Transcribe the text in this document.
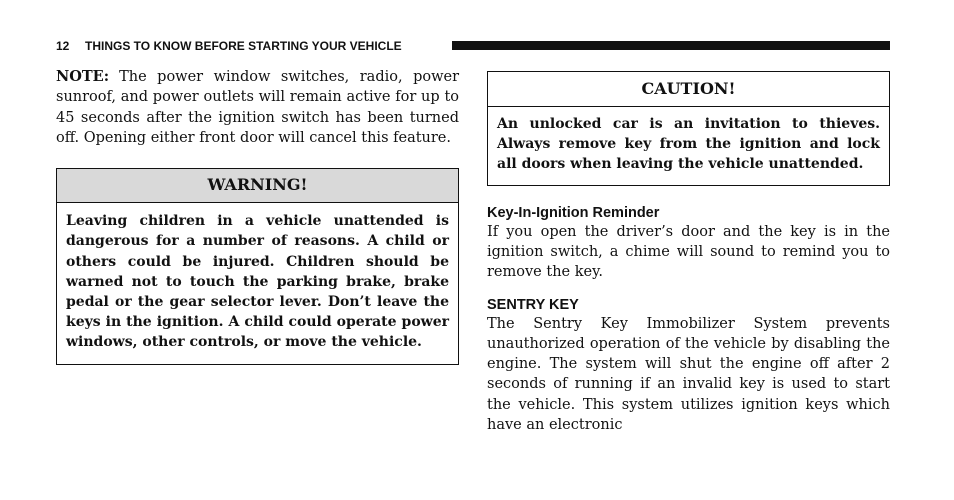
12 THINGS TO KNOW BEFORE STARTING YOUR VEHICLE

NOTE: The power window switches, radio, power sunroof, and power outlets will remain active for up to 45 seconds after the ignition switch has been turned off. Opening either front door will cancel this feature.

WARNING!

Leaving children in a vehicle unattended is dangerous for a number of reasons. A child or others could be injured. Children should be warned not to touch the parking brake, brake pedal or the gear selector lever. Don’t leave the keys in the ignition. A child could operate power windows, other controls, or move the vehicle.

CAUTION!

An unlocked car is an invitation to thieves. Always remove key from the ignition and lock all doors when leaving the vehicle unattended.

Key-In-Ignition Reminder

If you open the driver’s door and the key is in the ignition switch, a chime will sound to remind you to remove the key.

SENTRY KEY

The Sentry Key Immobilizer System prevents unauthorized operation of the vehicle by disabling the engine. The system will shut the engine off after 2 seconds of running if an invalid key is used to start the vehicle. This system utilizes ignition keys which have an electronic
